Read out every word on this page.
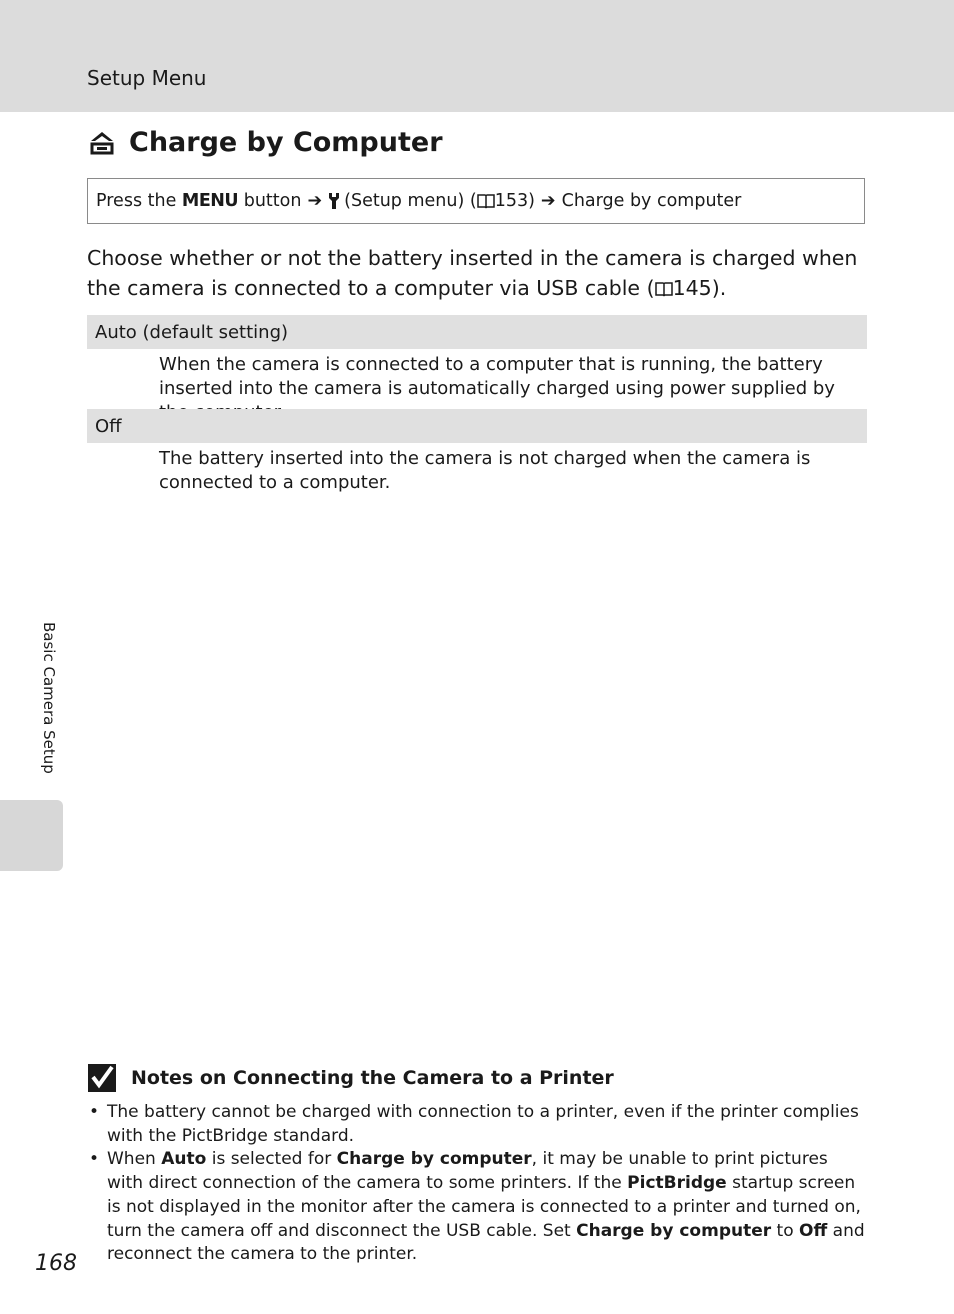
Setup Menu
Charge by Computer
Press the
MENU
button ➔ (Setup menu) ( 153) ➔ Charge by computer
Choose whether or not the battery inserted in the camera is charged when the camera is connected to a computer via USB cable ( 145).
Auto (default setting)
When the camera is connected to a computer that is running, the battery inserted into the camera is automatically charged using power supplied by
Off
The battery inserted into the camera is not charged when the camera is connected to a computer.
Basic Camera Setup
Notes on Connecting the Camera to a Printer
• The battery cannot be charged with connection to a printer, even if the printer complies with the PictBridge standard.
• When Auto is selected for Charge by computer, it may be unable to print pictures with direct connection of the camera to some printers. If the PictBridge startup screen is not displayed in the monitor after the camera is connected to a printer and turned on, turn the camera off and disconnect the USB cable. Set Charge by computer to Off and reconnect the camera to the printer.
168
